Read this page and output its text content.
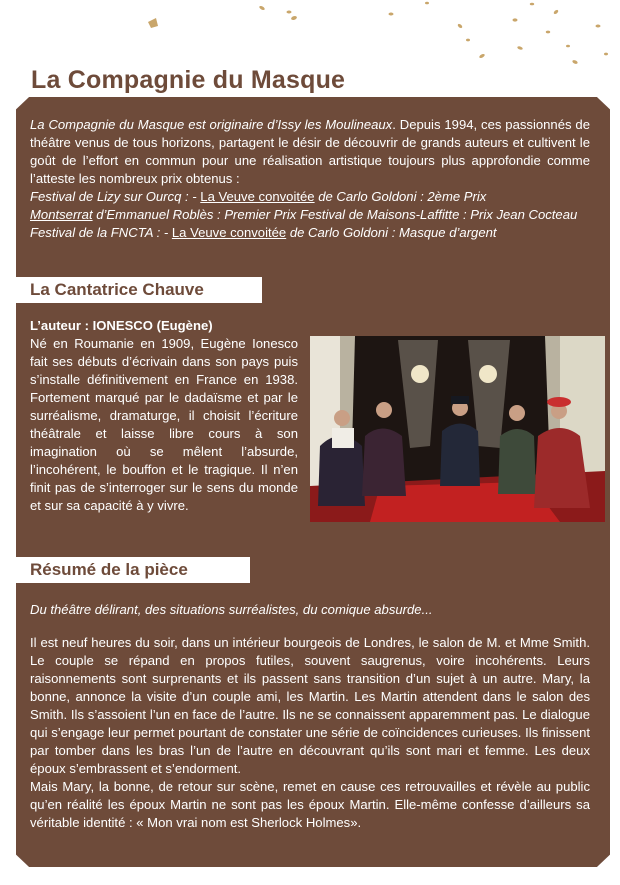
La Compagnie du Masque

La Compagnie du Masque est originaire d’Issy les Moulineaux. Depuis 1994, ces passionnés de théâtre venus de tous horizons, partagent le désir de découvrir de grands auteurs et cultivent le goût de l’effort en commun pour une réalisation artistique toujours plus approfondie comme l’atteste les nombreux prix obtenus :
Festival de Lizy sur Ourcq : - La Veuve convoitée de Carlo Goldoni : 2ème Prix
Montserrat d’Emmanuel Roblès : Premier Prix Festival de Maisons-Laffitte : Prix Jean Cocteau
Festival de la FNCTA : - La Veuve convoitée de Carlo Goldoni : Masque d’argent

La Cantatrice Chauve

L’auteur : IONESCO (Eugène)

Né en Roumanie en 1909, Eugène Ionesco fait ses débuts d’écrivain dans son pays puis s’installe définitivement en France en 1938. Fortement marqué par le dadaïsme et par le surréalisme, dramaturge, il choisit l’écriture théâtrale et laisse libre cours à son imagination où se mêlent l’absurde, l’incohérent, le bouffon et le tragique. Il n’en finit pas de s’interroger sur le sens du monde et sur sa capacité à y vivre.

Résumé de la pièce

Du théâtre délirant, des situations surréalistes, du comique absurde...

Il est neuf heures du soir, dans un intérieur bourgeois de Londres, le salon de M. et Mme Smith. Le couple se répand en propos futiles, souvent saugrenus, voire incohérents. Leurs raisonnements sont surprenants et ils passent sans transition d’un sujet à un autre. Mary, la bonne, annonce la visite d’un couple ami, les Martin. Les Martin attendent dans le salon des Smith. Ils s’assoient l’un en face de l’autre. Ils ne se connaissent apparemment pas. Le dialogue qui s’engage leur permet pourtant de constater une série de coïncidences curieuses. Ils finissent par tomber dans les bras l’un de l’autre en découvrant qu’ils sont mari et femme. Les deux époux s’embrassent et s’endorment.

Mais Mary, la bonne, de retour sur scène, remet en cause ces retrouvailles et révèle au public qu’en réalité les époux Martin ne sont pas les époux Martin. Elle-même confesse d’ailleurs sa véritable identité : « Mon vrai nom est Sherlock Holmes».
